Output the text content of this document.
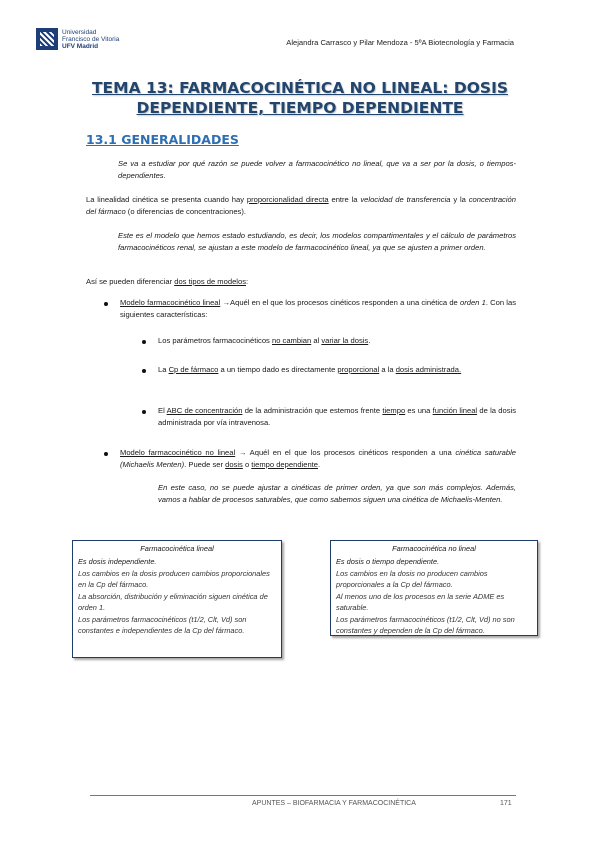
Universidad
Francisco de Vitoria
UFV Madrid	Alejandra Carrasco y Pilar Mendoza - 5ºA Biotecnología y Farmacia
TEMA 13: FARMACOCINÉTICA NO LINEAL: DOSIS
DEPENDIENTE, TIEMPO DEPENDIENTE
13.1 GENERALIDADES
Se va a estudiar por qué razón se puede volver a farmacocinético no lineal, que va a ser por la dosis, o tiempos-dependientes.
La linealidad cinética se presenta cuando hay proporcionalidad directa entre la velocidad de transferencia y la concentración del fármaco (o diferencias de concentraciones).
Este es el modelo que hemos estado estudiando, es decir, los modelos compartimentales y el cálculo de parámetros farmacocinéticos renal, se ajustan a este modelo de farmacocinético lineal, ya que se ajusten a primer orden.
Así se pueden diferenciar dos tipos de modelos:
Modelo farmacocinético lineal →Aquél en el que los procesos cinéticos responden a una cinética de orden 1. Con las siguientes características:
Los parámetros farmacocinéticos no cambian al variar la dosis.
La Cp de fármaco a un tiempo dado es directamente proporcional a la dosis administrada.
El ABC de concentración de la administración que estemos frente tiempo es una función lineal de la dosis administrada por vía intravenosa.
Modelo farmacocinético no lineal → Aquél en el que los procesos cinéticos responden a una cinética saturable (Michaelis Menten). Puede ser dosis o tiempo dependiente.
En este caso, no se puede ajustar a cinéticas de primer orden, ya que son más complejos. Además, vamos a hablar de procesos saturables, que como sabemos siguen una cinética de Michaelis-Menten.
Farmacocinética lineal
Es dosis independiente.
Los cambios en la dosis producen cambios proporcionales en la Cp del fármaco.
La absorción, distribución y eliminación siguen cinética de orden 1.
Los parámetros farmacocinéticos (t1/2, Clt, Vd) son constantes e independientes de la Cp del fármaco.
Farmacocinética no lineal
Es dosis o tiempo dependiente.
Los cambios en la dosis no producen cambios proporcionales a la Cp del fármaco.
Al menos uno de los procesos en la serie ADME es saturable.
Los parámetros farmacocinéticos (t1/2, Clt, Vd) no son constantes y dependen de la Cp del fármaco.
APUNTES – BIOFARMACIA Y FARMACOCINÉTICA	171
